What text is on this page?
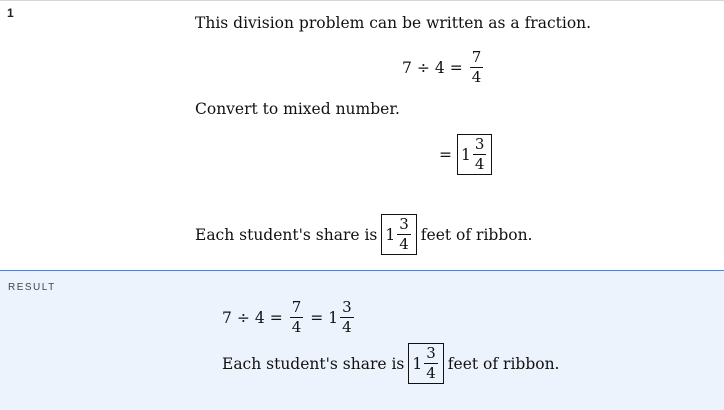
1
This division problem can be written as a fraction.
$7 \div 4 = \frac{7}{4}$
Convert to mixed number.
= $1 \frac{3}{4}$
Each student's share is $1 \frac{3}{4}$ feet of ribbon.
RESULT
$7 \div 4 = \frac{7}{4} = 1 \frac{3}{4}$
Each student's share is $1 \frac{3}{4}$ feet of ribbon.
